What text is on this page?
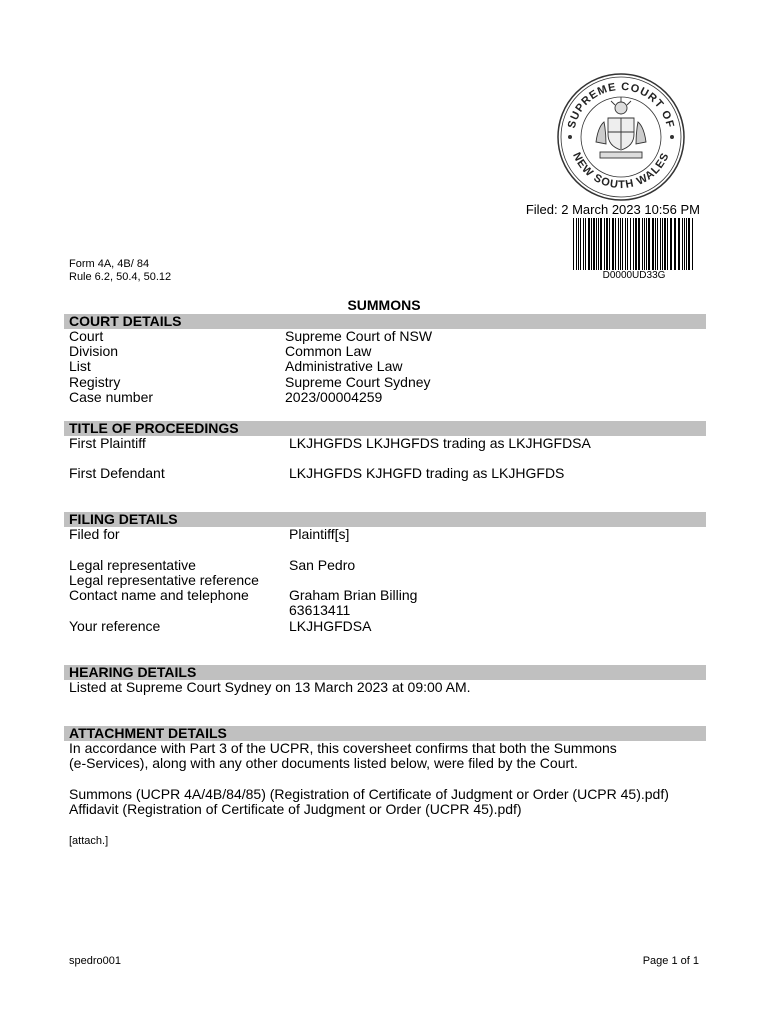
SUPREME COURT OF
NEW SOUTH WALES
Filed: 2 March 2023 10:56 PM
D0000UD33G
Form 4A, 4B/ 84
Rule 6.2, 50.4, 50.12
SUMMONS
COURT DETAILS
Court	Supreme Court of NSW
Division	Common Law
List	Administrative Law
Registry	Supreme Court Sydney
Case number	2023/00004259
TITLE OF PROCEEDINGS
First Plaintiff	LKJHGFDS LKJHGFDS trading as LKJHGFDSA
First Defendant	LKJHGFDS KJHGFD trading as LKJHGFDS
FILING DETAILS
Filed for	Plaintiff[s]
Legal representative	San Pedro
Legal representative reference
Contact name and telephone	Graham Brian Billing
63613411
Your reference	LKJHGFDSA
HEARING DETAILS
Listed at Supreme Court Sydney on 13 March 2023 at 09:00 AM.
ATTACHMENT DETAILS
In accordance with Part 3 of the UCPR, this coversheet confirms that both the Summons
(e-Services), along with any other documents listed below, were filed by the Court.
Summons (UCPR 4A/4B/84/85) (Registration of Certificate of Judgment or Order (UCPR 45).pdf)
Affidavit (Registration of Certificate of Judgment or Order (UCPR 45).pdf)
[attach.]
spedro001	Page 1 of 1
